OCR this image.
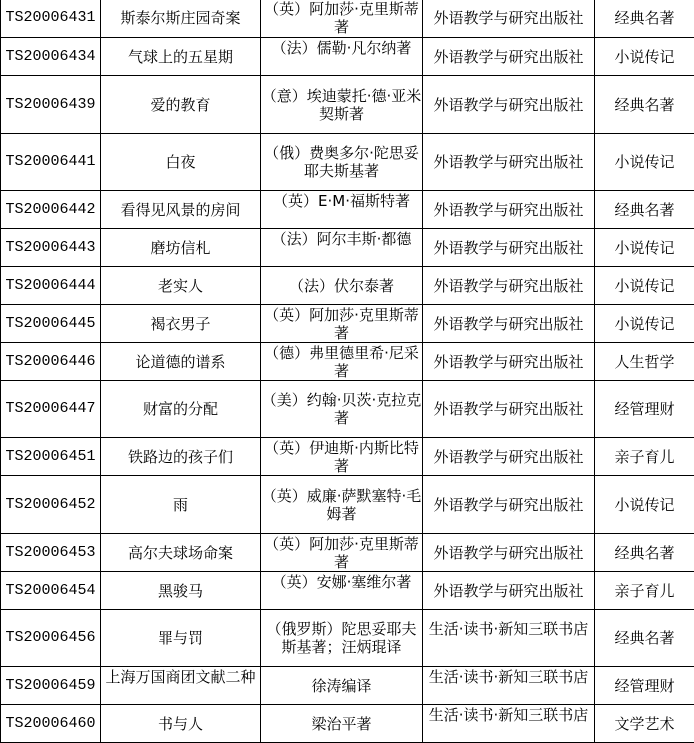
TS20006431	斯泰尔斯庄园奇案	（英）阿加莎·克里斯蒂著	外语教学与研究出版社	经典名著
TS20006434	气球上的五星期	（法）儒勒·凡尔纳著	外语教学与研究出版社	小说传记
TS20006439	爱的教育	（意）埃迪蒙托·德·亚米契斯著	外语教学与研究出版社	经典名著
TS20006441	白夜	（俄）费奥多尔·陀思妥耶夫斯基著	外语教学与研究出版社	小说传记
TS20006442	看得见风景的房间	（英）E·M·福斯特著	外语教学与研究出版社	经典名著
TS20006443	磨坊信札	（法）阿尔丰斯·都德	外语教学与研究出版社	小说传记
TS20006444	老实人	（法）伏尔泰著	外语教学与研究出版社	小说传记
TS20006445	褐衣男子	（英）阿加莎·克里斯蒂著	外语教学与研究出版社	小说传记
TS20006446	论道德的谱系	（德）弗里德里希·尼采著	外语教学与研究出版社	人生哲学
TS20006447	财富的分配	（美）约翰·贝茨·克拉克著	外语教学与研究出版社	经管理财
TS20006451	铁路边的孩子们	（英）伊迪斯·内斯比特著	外语教学与研究出版社	亲子育儿
TS20006452	雨	（英）威廉·萨默塞特·毛姆著	外语教学与研究出版社	小说传记
TS20006453	高尔夫球场命案	（英）阿加莎·克里斯蒂著	外语教学与研究出版社	经典名著
TS20006454	黑骏马	（英）安娜·塞维尔著	外语教学与研究出版社	亲子育儿
TS20006456	罪与罚	（俄罗斯）陀思妥耶夫斯基著；汪炳琨译	生活·读书·新知三联书店	经典名著
TS20006459	上海万国商团文献二种	徐涛编译	生活·读书·新知三联书店	经管理财
TS20006460	书与人	梁治平著	生活·读书·新知三联书店	文学艺术
